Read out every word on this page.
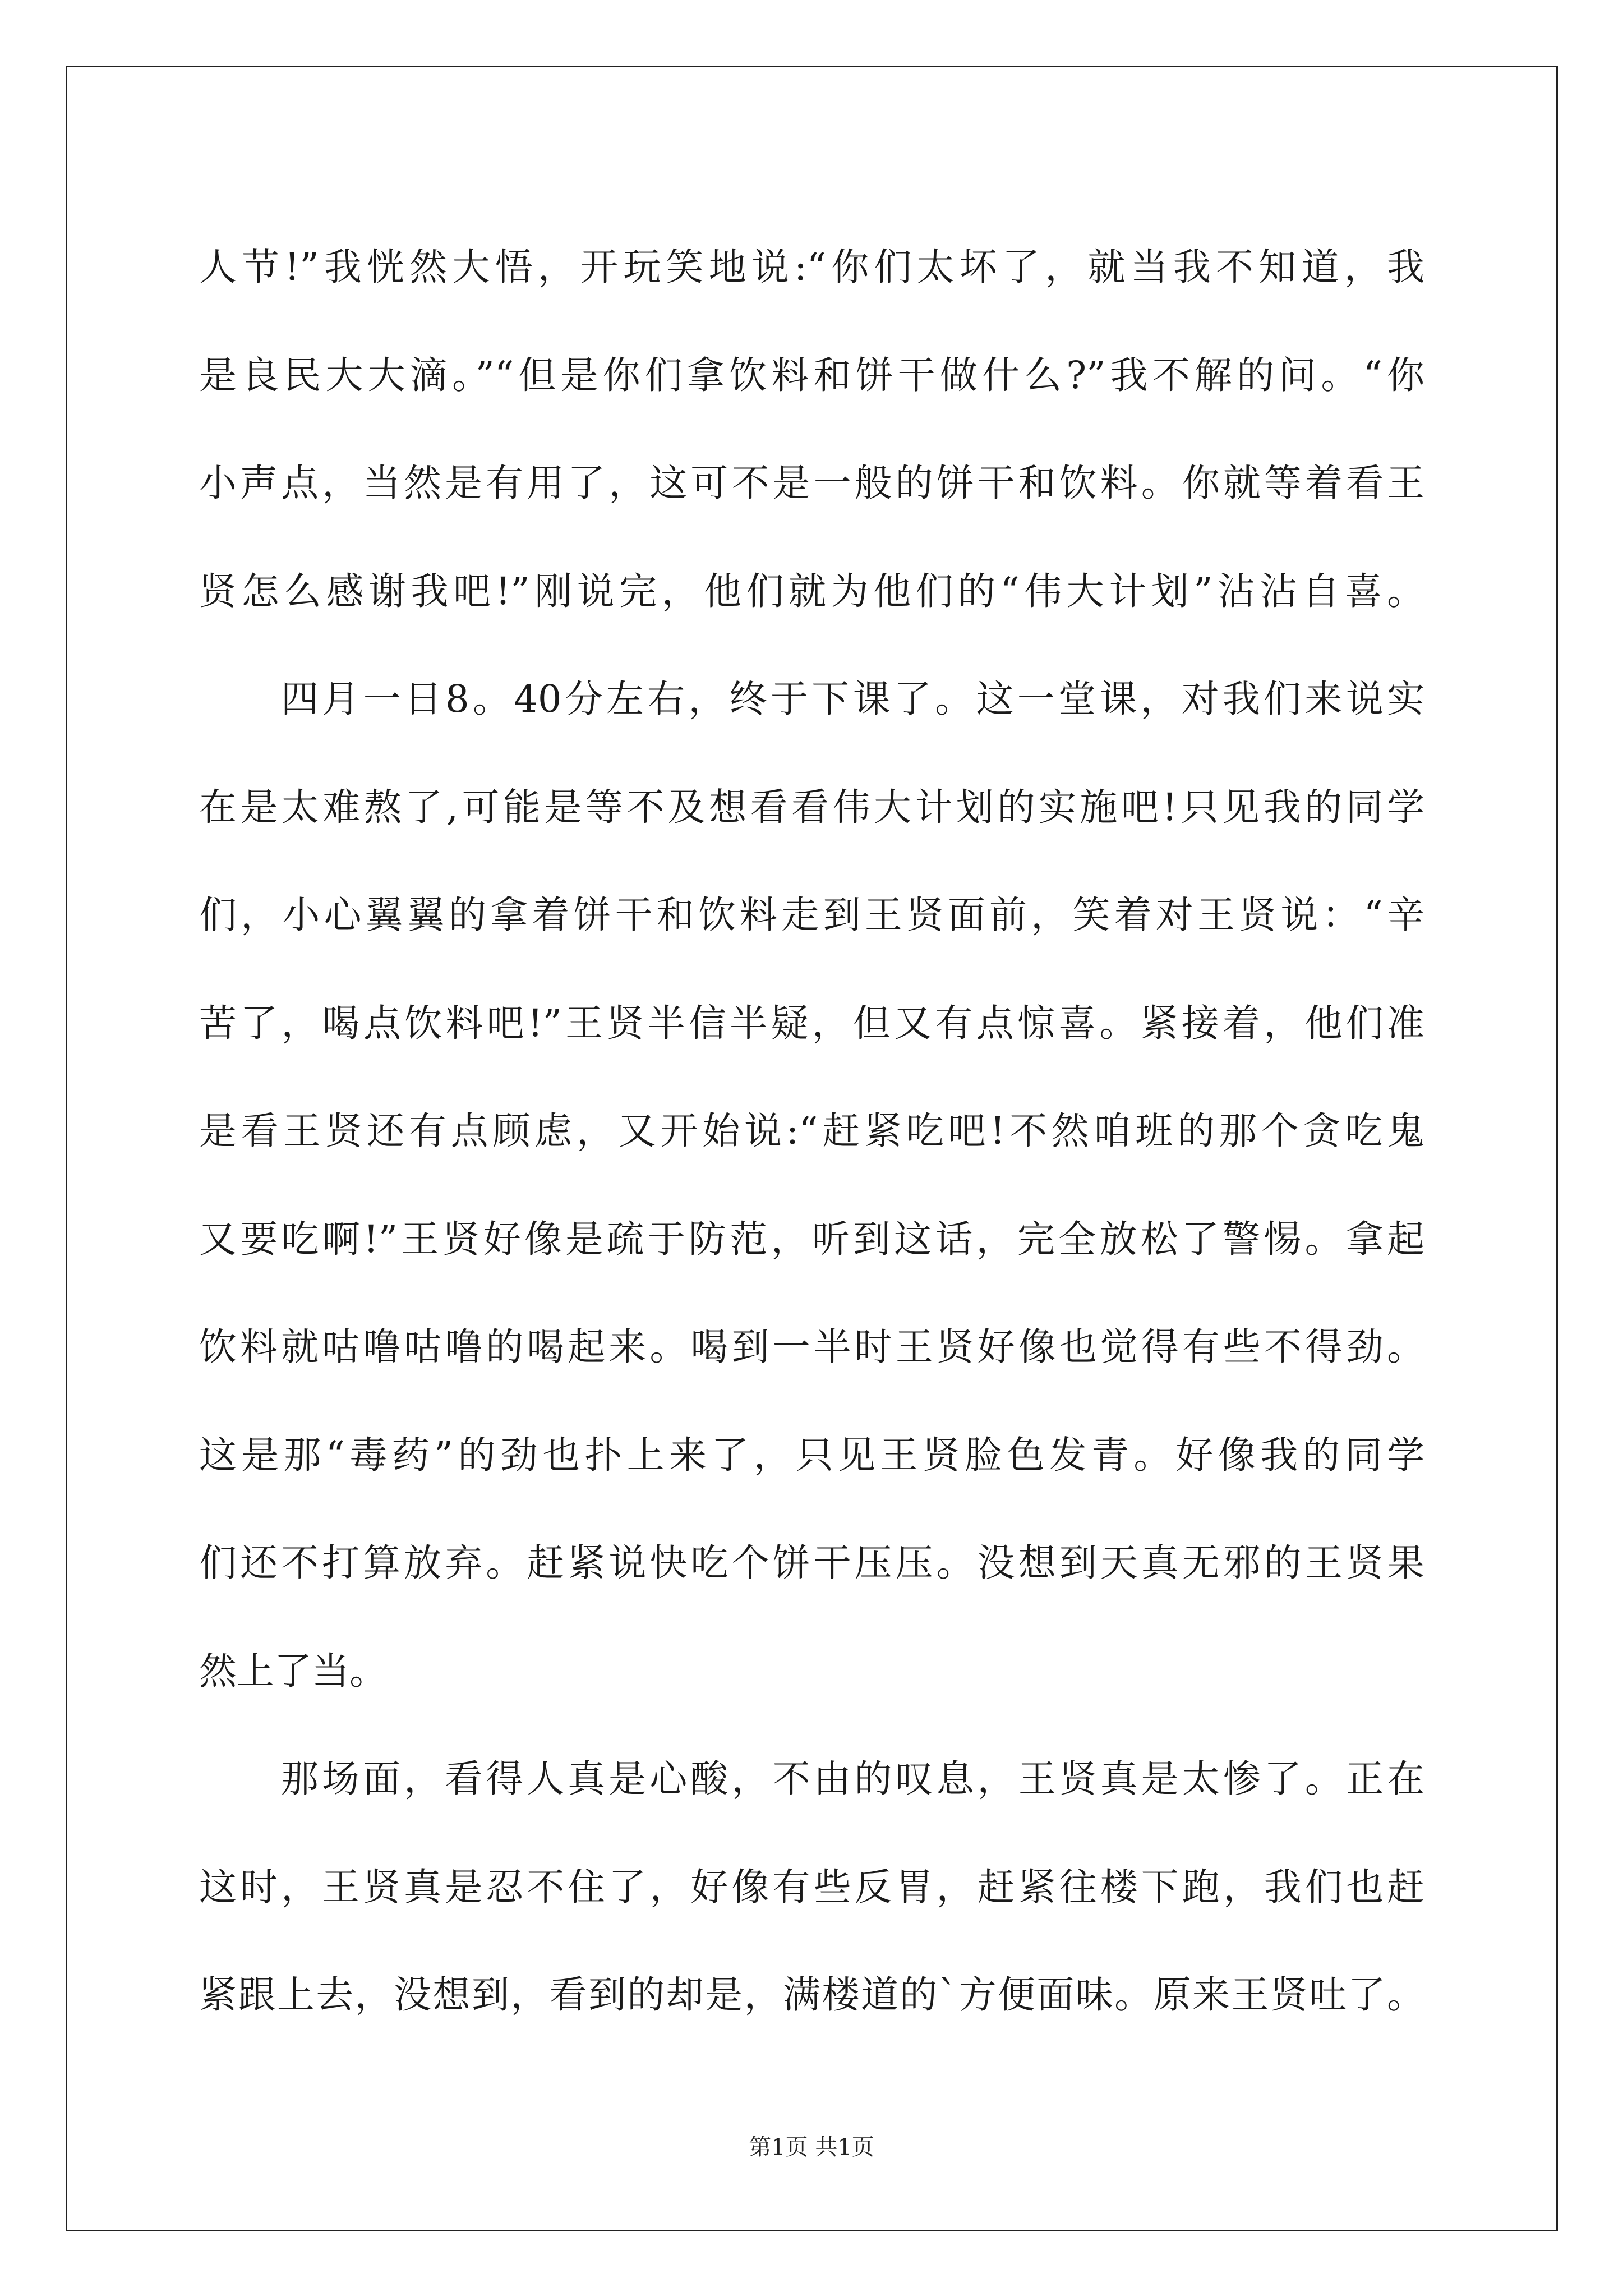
人节!”我恍然大悟，开玩笑地说:“你们太坏了，就当我不知道，我
是良民大大滴。”“但是你们拿饮料和饼干做什么?”我不解的问。“你
小声点，当然是有用了，这可不是一般的饼干和饮料。你就等着看王
贤怎么感谢我吧!”刚说完，他们就为他们的“伟大计划”沾沾自喜。
四月一日8。40分左右，终于下课了。这一堂课，对我们来说实
在是太难熬了,可能是等不及想看看伟大计划的实施吧!只见我的同学
们，小心翼翼的拿着饼干和饮料走到王贤面前，笑着对王贤说：“辛
苦了，喝点饮料吧!”王贤半信半疑，但又有点惊喜。紧接着，他们准
是看王贤还有点顾虑，又开始说:“赶紧吃吧!不然咱班的那个贪吃鬼
又要吃啊!”王贤好像是疏于防范，听到这话，完全放松了警惕。拿起
饮料就咕噜咕噜的喝起来。喝到一半时王贤好像也觉得有些不得劲。
这是那“毒药”的劲也扑上来了，只见王贤脸色发青。好像我的同学
们还不打算放弃。赶紧说快吃个饼干压压。没想到天真无邪的王贤果
然上了当。
那场面，看得人真是心酸，不由的叹息，王贤真是太惨了。正在
这时，王贤真是忍不住了，好像有些反胃，赶紧往楼下跑，我们也赶
紧跟上去，没想到，看到的却是，满楼道的`方便面味。原来王贤吐了。
第1页 共1页
